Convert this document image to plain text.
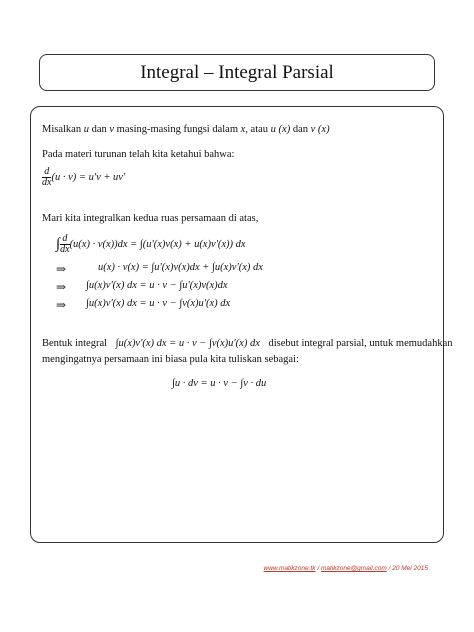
Integral – Integral Parsial
Misalkan u dan v masing-masing fungsi dalam x, atau u (x) dan v (x)
Pada materi turunan telah kita ketahui bahwa:
$\frac{d}{dx} (u \cdot v) = u'v + uv'$
Mari kita integralkan kedua ruas persamaan di atas,
∫ $\frac{d}{dx} (u(x) \cdot v(x))dx = \int(u'(x)v(x) + u(x)v'(x))$ dx
⇒	u(x) · v(x) = ∫u'(x)v(x)dx + ∫u(x)v'(x) dx
⇒ ∫u(x)v'(x) dx = u · v − ∫u'(x)v(x)dx
⇒ ∫u(x)v'(x) dx = u · v − ∫v(x)u'(x) dx
Bentuk integral ∫u(x)v'(x) dx = u · v − ∫v(x)u'(x) dx disebut integral parsial, untuk memudahkan
mengingatnya persamaan ini biasa pula kita tuliskan sebagai:
∫u · dv = u · v − ∫v · du
www.matikzone.tk / matikzone@gmail.com / 20 Mei 2015
